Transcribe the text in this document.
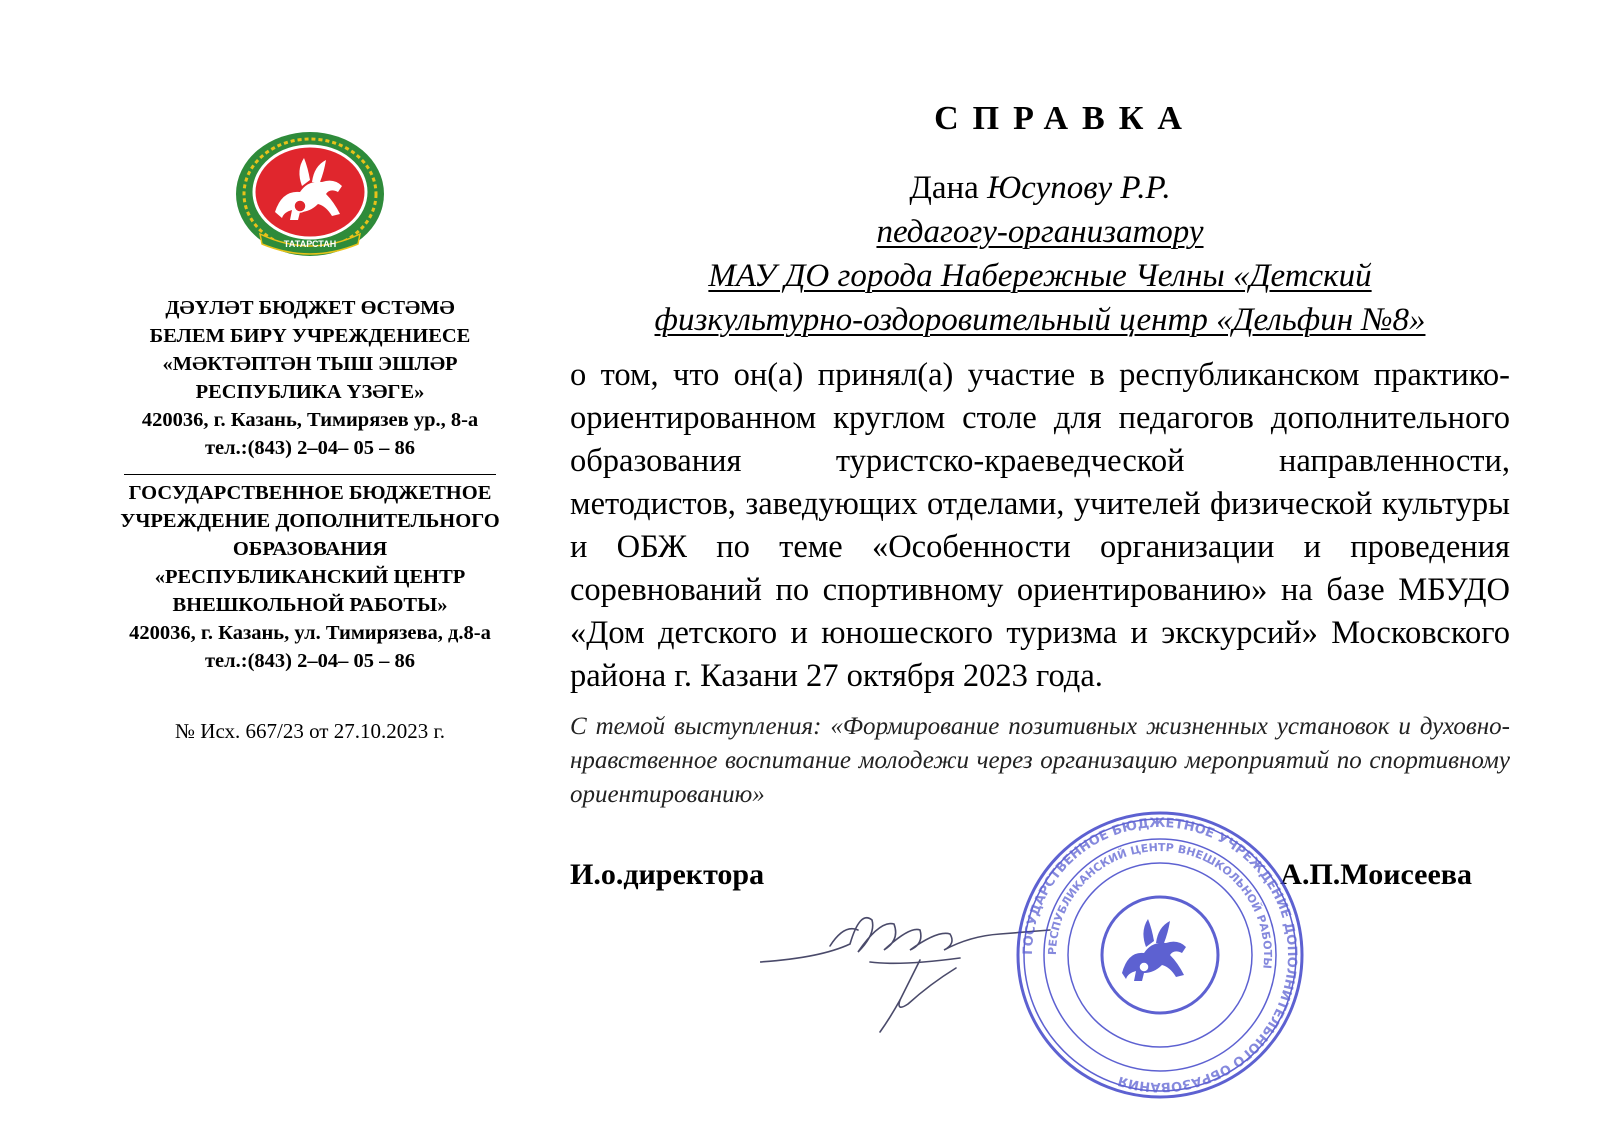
ТАТАРСТАН
ДӘҮЛӘТ БЮДЖЕТ ӨСТӘМӘ
БЕЛЕМ БИРҮ УЧРЕЖДЕНИЕСЕ
«МӘКТӘПТӘН ТЫШ ЭШЛӘР
РЕСПУБЛИКА ҮЗӘГЕ»
420036, г. Казань, Тимирязев ур., 8-а
тел.:(843) 2–04– 05 – 86
ГОСУДАРСТВЕННОЕ БЮДЖЕТНОЕ
УЧРЕЖДЕНИЕ ДОПОЛНИТЕЛЬНОГО
ОБРАЗОВАНИЯ
«РЕСПУБЛИКАНСКИЙ ЦЕНТР
ВНЕШКОЛЬНОЙ РАБОТЫ»
420036, г. Казань, ул. Тимирязева, д.8-а
тел.:(843) 2–04– 05 – 86
№ Исх. 667/23 от 27.10.2023 г.
СПРАВКА
Дана Юсупову Р.Р.
педагогу-организатору
МАУ ДО города Набережные Челны «Детский
физкультурно-оздоровительный центр «Дельфин №8»
о том, что он(а) принял(а) участие в республиканском практико-ориентированном круглом столе для педагогов дополнительного образования туристско-краеведческой направленности, методистов, заведующих отделами, учителей физической культуры и ОБЖ по теме «Особенности организации и проведения соревнований по спортивному ориентированию» на базе МБУДО «Дом детского и юношеского туризма и экскурсий» Московского района г. Казани 27 октября 2023 года.
С темой выступления: «Формирование позитивных жизненных установок и духовно-нравственное воспитание молодежи через организацию мероприятий по спортивному ориентированию»
И.о.директора	А.П.Моисеева
ГОСУДАРСТВЕННОЕ БЮДЖЕТНОЕ УЧРЕЖДЕНИЕ ДОПОЛНИТЕЛЬНОГО ОБРАЗОВАНИЯ
РЕСПУБЛИКАНСКИЙ ЦЕНТР ВНЕШКОЛЬНОЙ РАБОТЫ
